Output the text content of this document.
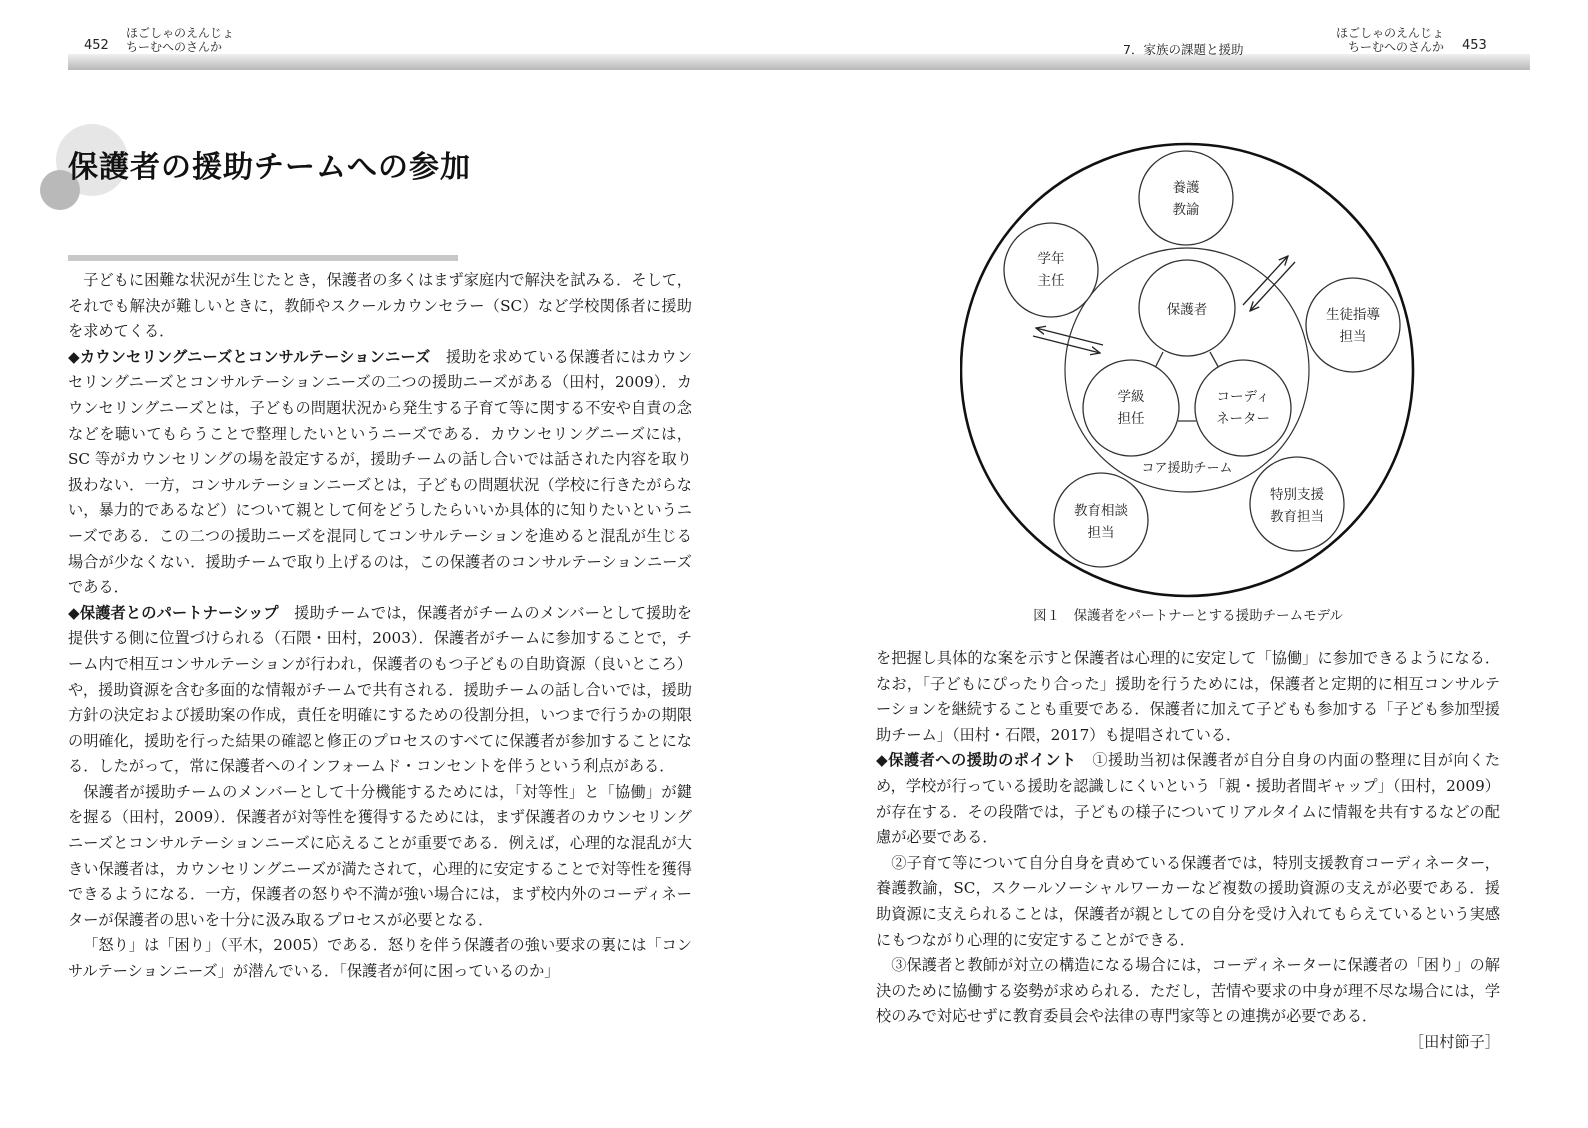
452
ほごしゃのえんじょ
ちーむへのさんか	7．家族の課題と援助
ほごしゃのえんじょ
ちーむへのさんか 453
保護者の援助チームへの参加

子どもに困難な状況が生じたとき，保護者の多くはまず家庭内で解決を試みる．そして，それでも解決が難しいときに，教師やスクールカウンセラー（SC）など学校関係者に援助を求めてくる．

◆カウンセリングニーズとコンサルテーションニーズ　 援助を求めている保護者にはカウンセリングニーズとコンサルテーションニーズの二つの援助ニーズがある（田村，2009）．カウンセリングニーズとは，子どもの問題状況から発生する子育て等に関する不安や自責の念などを聴いてもらうことで整理したいというニーズである．カウンセリングニーズには，SC 等がカウンセリングの場を設定するが，援助チームの話し合いでは話された内容を取り扱わない．一方，コンサルテーションニーズとは，子どもの問題状況（学校に行きたがらない，暴力的であるなど）について親として何をどうしたらいいか具体的に知りたいというニーズである．この二つの援助ニーズを混同してコンサルテーションを進めると混乱が生じる場合が少なくない．援助チームで取り上げるのは，この保護者のコンサルテーションニーズである．

◆保護者とのパートナーシップ　 援助チームでは，保護者がチームのメンバーとして援助を提供する側に位置づけられる（石隈・田村，2003）．保護者がチームに参加することで，チーム内で相互コンサルテーションが行われ，保護者のもつ子どもの自助資源（良いところ）や，援助資源を含む多面的な情報がチームで共有される．援助チームの話し合いでは，援助方針の決定および援助案の作成，責任を明確にするための役割分担，いつまで行うかの期限の明確化，援助を行った結果の確認と修正のプロセスのすべてに保護者が参加することになる．したがって，常に保護者へのインフォームド・コンセントを伴うという利点がある．

保護者が援助チームのメンバーとして十分機能するためには，「対等性」と「協働」が鍵を握る（田村，2009）．保護者が対等性を獲得するためには，まず保護者のカウンセリングニーズとコンサルテーションニーズに応えることが重要である．例えば，心理的な混乱が大きい保護者は，カウンセリングニーズが満たされて，心理的に安定することで対等性を獲得できるようになる．一方，保護者の怒りや不満が強い場合には，まず校内外のコーディネーターが保護者の思いを十分に汲み取るプロセスが必要となる．

「怒り」は「困り」（平木，2005）である．怒りを伴う保護者の強い要求の裏には「コンサルテーションニーズ」が潜んでいる．「保護者が何に困っているのか」

保護者
学級
担任
コーディ
ネーター
コア援助チーム
養護
教諭
学年
主任
生徒指導
担当
教育相談
担当
特別支援
教育担当
図１　保護者をパートナーとする援助チームモデル

を把握し具体的な案を示すと保護者は心理的に安定して「協働」に参加できるようになる．なお，「子どもにぴったり合った」援助を行うためには，保護者と定期的に相互コンサルテーションを継続することも重要である．保護者に加えて子どもも参加する「子ども参加型援助チーム」（田村・石隈，2017）も提唱されている．

◆保護者への援助のポイント　 ①援助当初は保護者が自分自身の内面の整理に目が向くため，学校が行っている援助を認識しにくいという「親・援助者間ギャップ」（田村，2009）が存在する．その段階では，子どもの様子についてリアルタイムに情報を共有するなどの配慮が必要である．

②子育て等について自分自身を責めている保護者では，特別支援教育コーディネーター，養護教諭，SC，スクールソーシャルワーカーなど複数の援助資源の支えが必要である．援助資源に支えられることは，保護者が親としての自分を受け入れてもらえているという実感にもつながり心理的に安定することができる．

③保護者と教師が対立の構造になる場合には，コーディネーターに保護者の「困り」の解決のために協働する姿勢が求められる．ただし，苦情や要求の中身が理不尽な場合には，学校のみで対応せずに教育委員会や法律の専門家等との連携が必要である．

［田村節子］
